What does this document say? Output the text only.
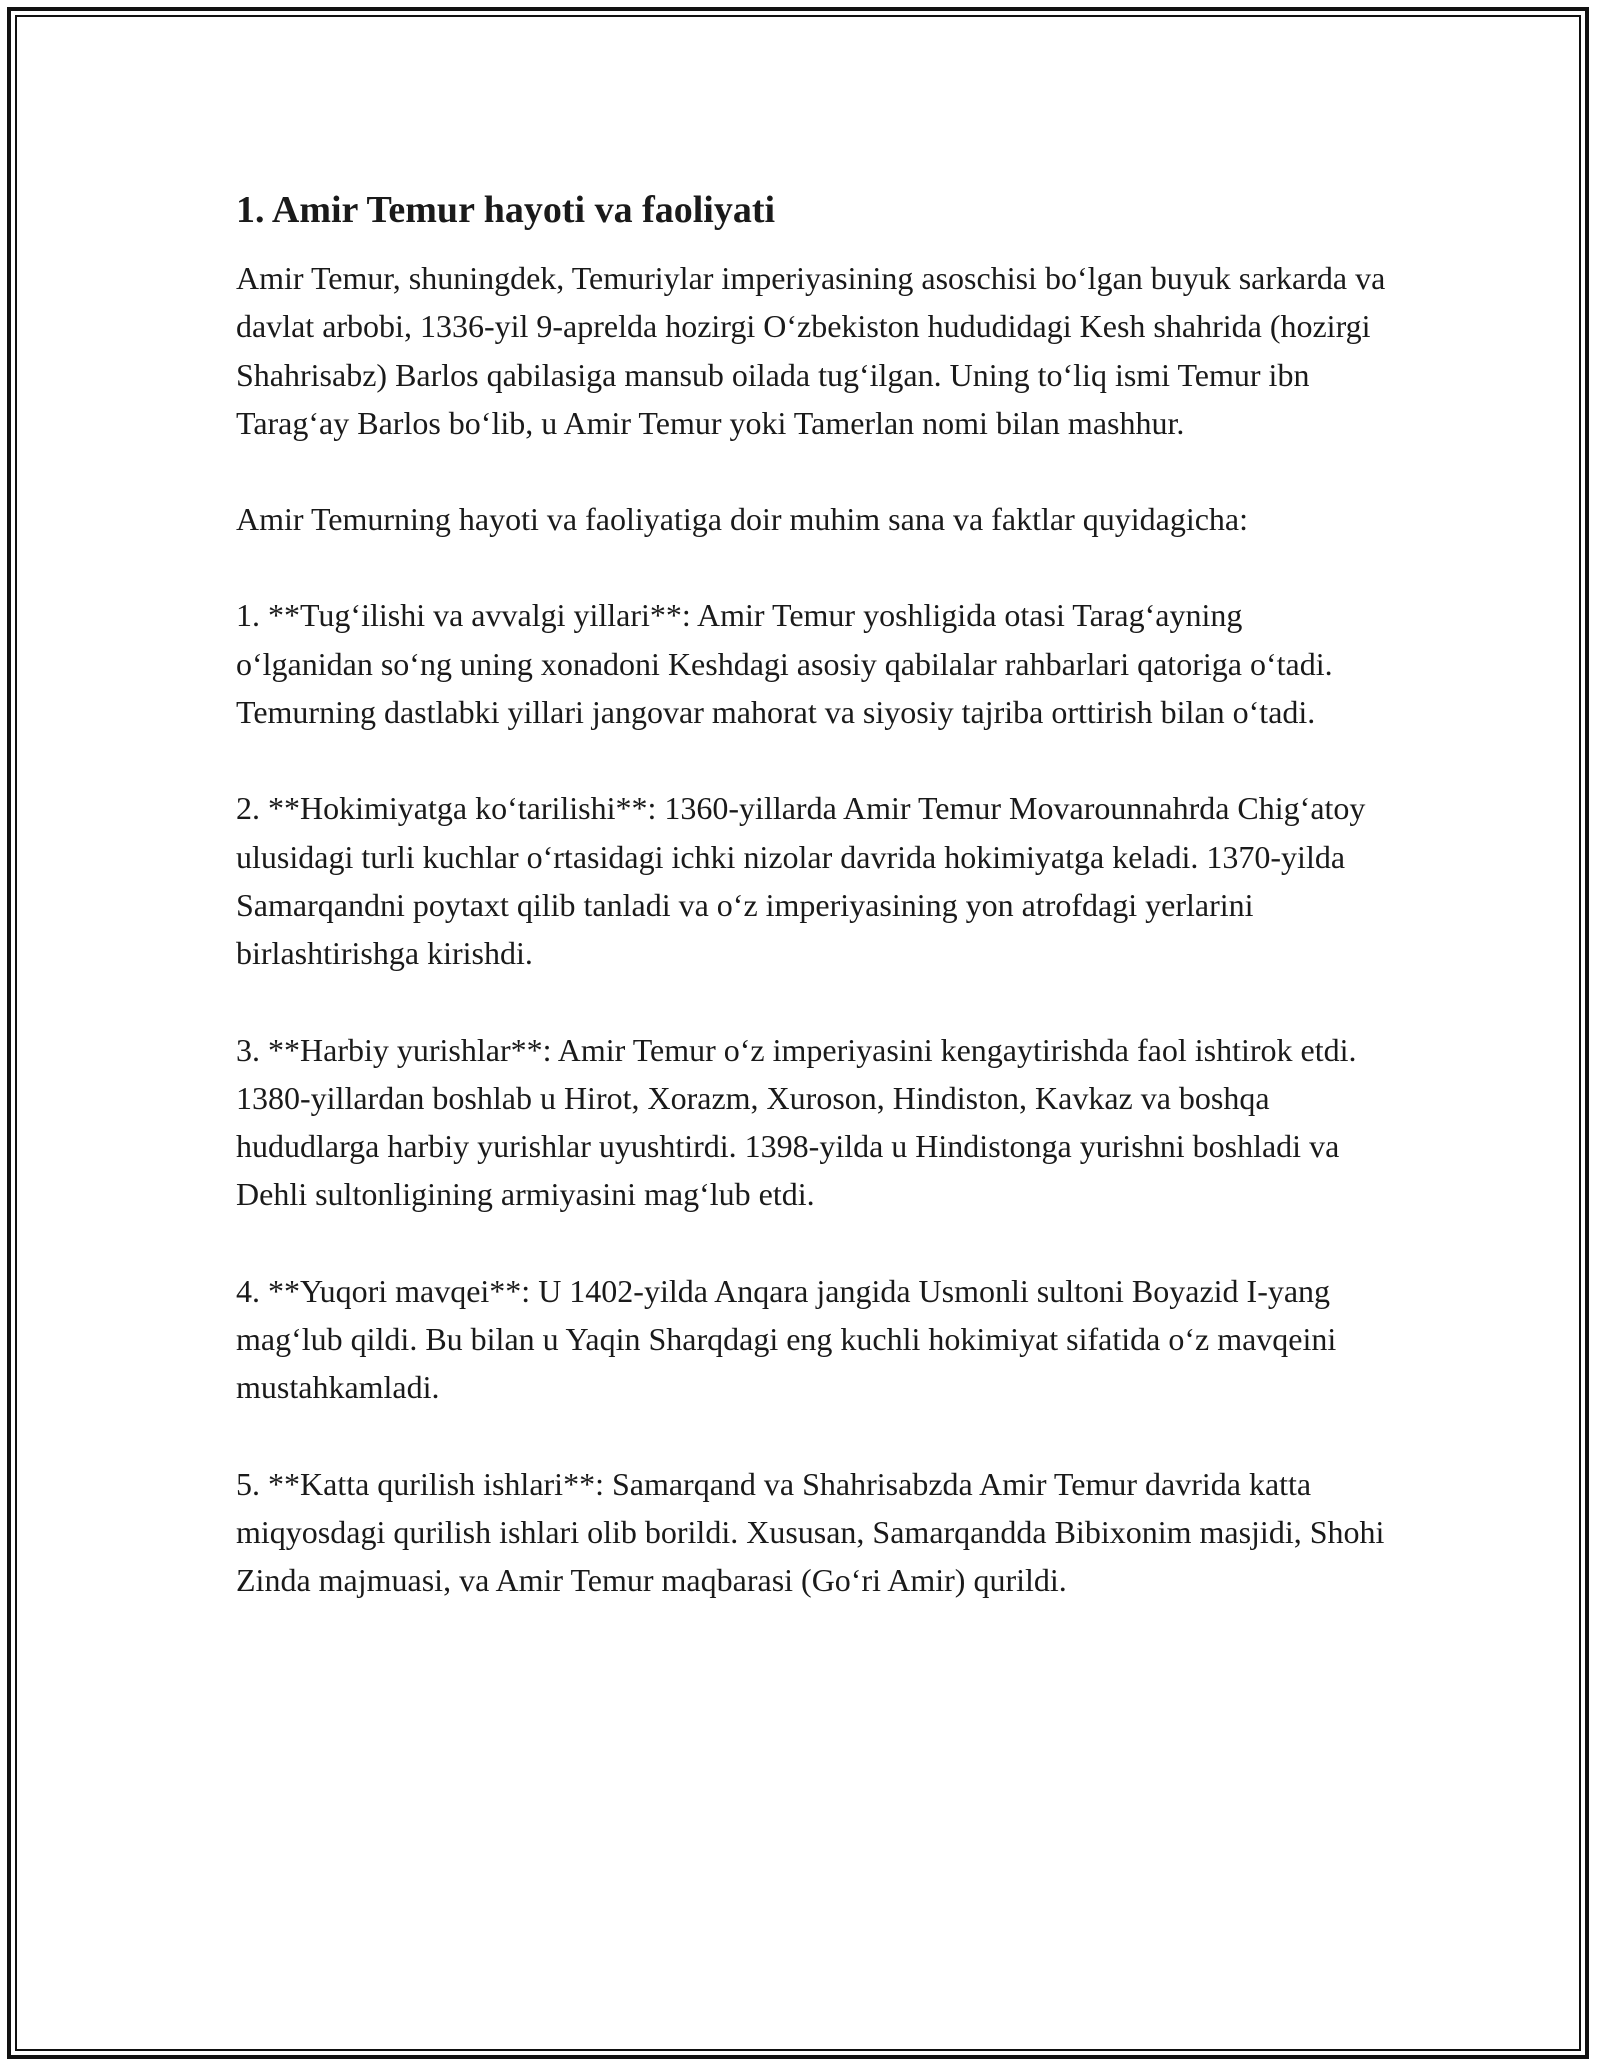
1. Amir Temur hayoti va faoliyati

Amir Temur, shuningdek, Temuriylar imperiyasining asoschisi bo‘lgan buyuk sarkarda va davlat arbobi, 1336-yil 9-aprelda hozirgi O‘zbekiston hududidagi Kesh shahrida (hozirgi Shahrisabz) Barlos qabilasiga mansub oilada tug‘ilgan. Uning to‘liq ismi Temur ibn Tarag‘ay Barlos bo‘lib, u Amir Temur yoki Tamerlan nomi bilan mashhur.

Amir Temurning hayoti va faoliyatiga doir muhim sana va faktlar quyidagicha:

1. **Tug‘ilishi va avvalgi yillari**: Amir Temur yoshligida otasi Tarag‘ayning o‘lganidan so‘ng uning xonadoni Keshdagi asosiy qabilalar rahbarlari qatoriga o‘tadi. Temurning dastlabki yillari jangovar mahorat va siyosiy tajriba orttirish bilan o‘tadi.

2. **Hokimiyatga ko‘tarilishi**: 1360-yillarda Amir Temur Movarounnahrda Chig‘atoy ulusidagi turli kuchlar o‘rtasidagi ichki nizolar davrida hokimiyatga keladi. 1370-yilda Samarqandni poytaxt qilib tanladi va o‘z imperiyasining yon atrofdagi yerlarini birlashtirishga kirishdi.

3. **Harbiy yurishlar**: Amir Temur o‘z imperiyasini kengaytirishda faol ishtirok etdi. 1380-yillardan boshlab u Hirot, Xorazm, Xuroson, Hindiston, Kavkaz va boshqa hududlarga harbiy yurishlar uyushtirdi. 1398-yilda u Hindistonga yurishni boshladi va Dehli sultonligining armiyasini mag‘lub etdi.

4. **Yuqori mavqei**: U 1402-yilda Anqara jangida Usmonli sultoni Boyazid I-yang mag‘lub qildi. Bu bilan u Yaqin Sharqdagi eng kuchli hokimiyat sifatida o‘z mavqeini mustahkamladi.

5. **Katta qurilish ishlari**: Samarqand va Shahrisabzda Amir Temur davrida katta miqyosdagi qurilish ishlari olib borildi. Xususan, Samarqandda Bibixonim masjidi, Shohi Zinda majmuasi, va Amir Temur maqbarasi (Go‘ri Amir) qurildi.
